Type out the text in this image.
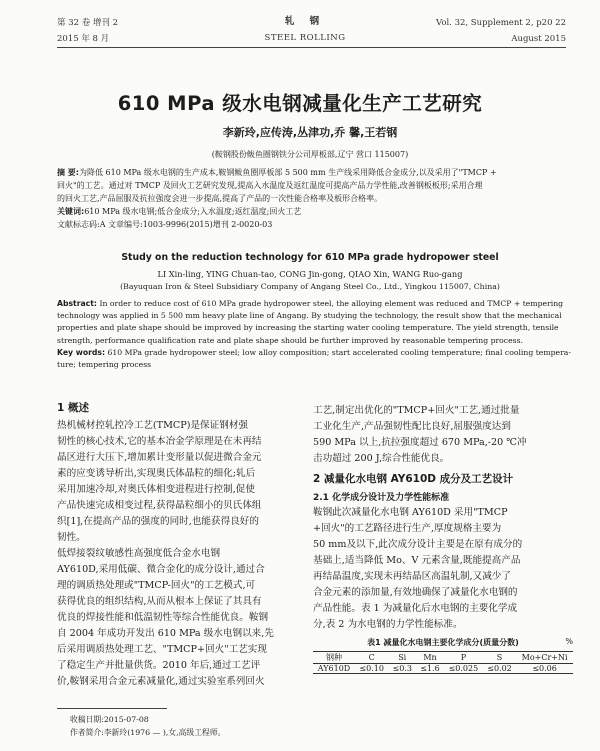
第 32 卷 增刊 2
2015 年 8 月
轧 钢
STEEL ROLLING
Vol. 32, Supplement 2, p20 22
August 2015
610 MPa 级水电钢减量化生产工艺研究
李新玲,应传涛,丛津功,乔 馨,王若钢
(鞍钢股份鲅鱼圈钢铁分公司厚板部,辽宁 营口 115007)
摘 要:为降低 610 MPa 级水电钢的生产成本,鞍钢鲅鱼圈厚板部 5 500 mm 生产线采用降低合金成分,以及采用了"TMCP +
回火"的工艺。通过对 TMCP 及回火工艺研究发现,提高入水温度及返红温度可提高产品力学性能,改善钢板板形;采用合理
的回火工艺,产品屈服及抗拉强度会进一步提高,提高了产品的一次性能合格率及板形合格率。
关键词:610 MPa 级水电钢;低合金成分;入水温度;返红温度;回火工艺
文献标志码:A 文章编号:1003-9996(2015)增刊 2-0020-03
Study on the reduction technology for 610 MPa grade hydropower steel
LI Xin-ling, YING Chuan-tao, CONG Jin-gong, QIAO Xin, WANG Ruo-gang
(Bayuquan Iron & Steel Subsidiary Company of Angang Steel Co., Ltd., Yingkou 115007, China)
Abstract: In order to reduce cost of 610 MPa grade hydropower steel, the alloying element was reduced and TMCP + tempering
technology was applied in 5 500 mm heavy plate line of Angang. By studying the technology, the result show that the mechanical
properties and plate shape should be improved by increasing the starting water cooling temperature. The yield strength, tensile
strength, performance qualification rate and plate shape should be further improved by reasonable tempering process.
Key words: 610 MPa grade hydropower steel; low alloy composition; start accelerated cooling temperature; final cooling tempera-
ture; tempering process
1 概述
热机械材控轧控冷工艺(TMCP)是保证钢材强
韧性的核心技术,它的基本冶金学原理是在未再结
晶区进行大压下,增加累计变形量以促进微合金元
素的应变诱导析出,实现奥氏体晶粒的细化;轧后
采用加速冷却,对奥氏体相变进程进行控制,促使
产品快速完成相变过程,获得晶粒细小的贝氏体组
织[1],在提高产品的强度的同时,也能获得良好的
韧性。
低焊接裂纹敏感性高强度低合金水电钢
AY610D,采用低碳、微合金化的成分设计,通过合
理的调质热处理或"TMCP-回火"的工艺模式,可
获得优良的组织结构,从而从根本上保证了其具有
优良的焊接性能和低温韧性等综合性能优良。鞍钢
自 2004 年成功开发出 610 MPa 级水电钢以来,先
后采用调质热处理工艺、"TMCP+回火"工艺实现
了稳定生产并批量供货。2010 年后,通过工艺评
价,鞍钢采用合金元素减量化,通过实验室系列回火
收稿日期:2015-07-08
作者简介:李新玲(1976 — ),女,高级工程师。
工艺,制定出优化的"TMCP+回火"工艺,通过批量
工业化生产,产品强韧性配比良好,屈服强度达到
590 MPa 以上,抗拉强度超过 670 MPa,-20 ℃冲
击功超过 200 J,综合性能优良。
2 减量化水电钢 AY610D 成分及工艺设计
2.1 化学成分设计及力学性能标准
鞍钢此次减量化水电钢 AY610D 采用"TMCP
+回火"的工艺路径进行生产,厚度规格主要为
50 mm及以下,此次成分设计主要是在原有成分的
基础上,适当降低 Mo、V 元素含量,既能提高产品
再结晶温度,实现未再结晶区高温轧制,又减少了
合金元素的添加量,有效地确保了减量化水电钢的
产品性能。表 1 为减量化后水电钢的主要化学成
分,表 2 为水电钢的力学性能标准。
表1 减量化水电钢主要化学成分(质量分数)	%
钢种	C	Si	Mn	P	S	Mo+Cr+Ni
AY610D	≤0.10	≤0.3	≤1.6	≤0.025	≤0.02	≤0.06
